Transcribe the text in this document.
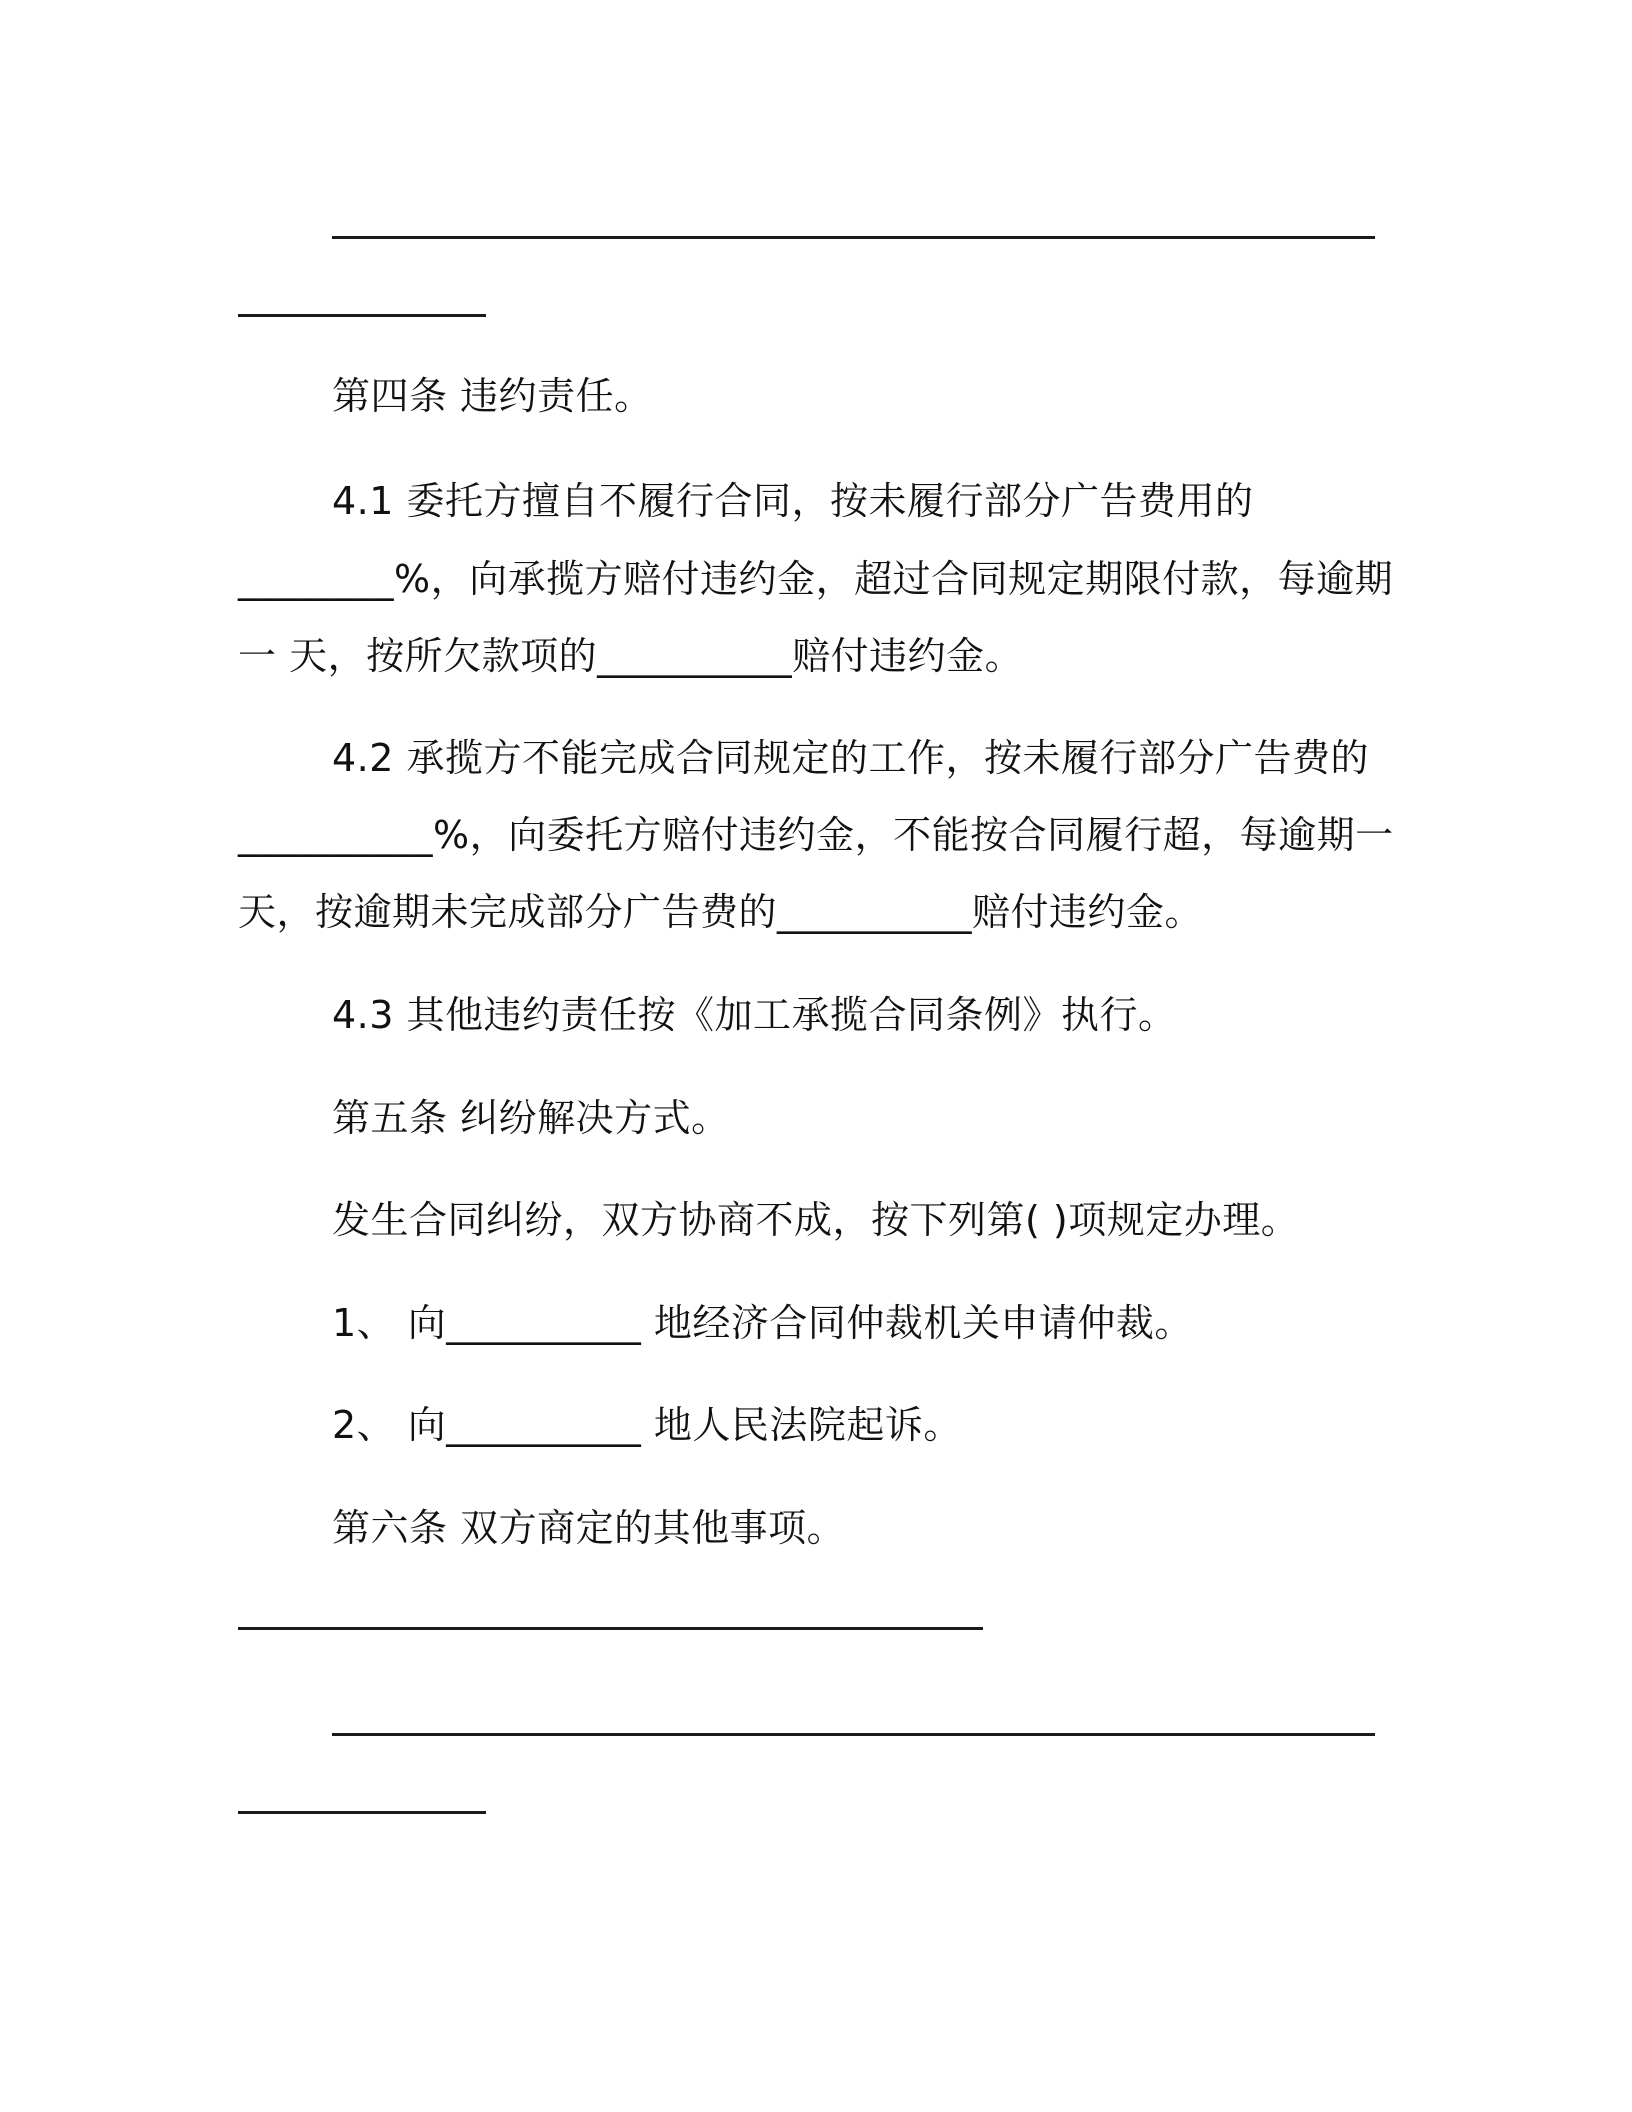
第四条 违约责任。
4.1 委托方擅自不履行合同，按未履行部分广告费用的
________%，向承揽方赔付违约金，超过合同规定期限付款，每逾期
一 天，按所欠款项的__________赔付违约金。
4.2 承揽方不能完成合同规定的工作，按未履行部分广告费的
__________%，向委托方赔付违约金，不能按合同履行超，每逾期一
天，按逾期未完成部分广告费的__________赔付违约金。
4.3 其他违约责任按《加工承揽合同条例》执行。
第五条 纠纷解决方式。
发生合同纠纷，双方协商不成，按下列第( )项规定办理。
1、 向__________ 地经济合同仲裁机关申请仲裁。
2、 向__________ 地人民法院起诉。
第六条 双方商定的其他事项。
